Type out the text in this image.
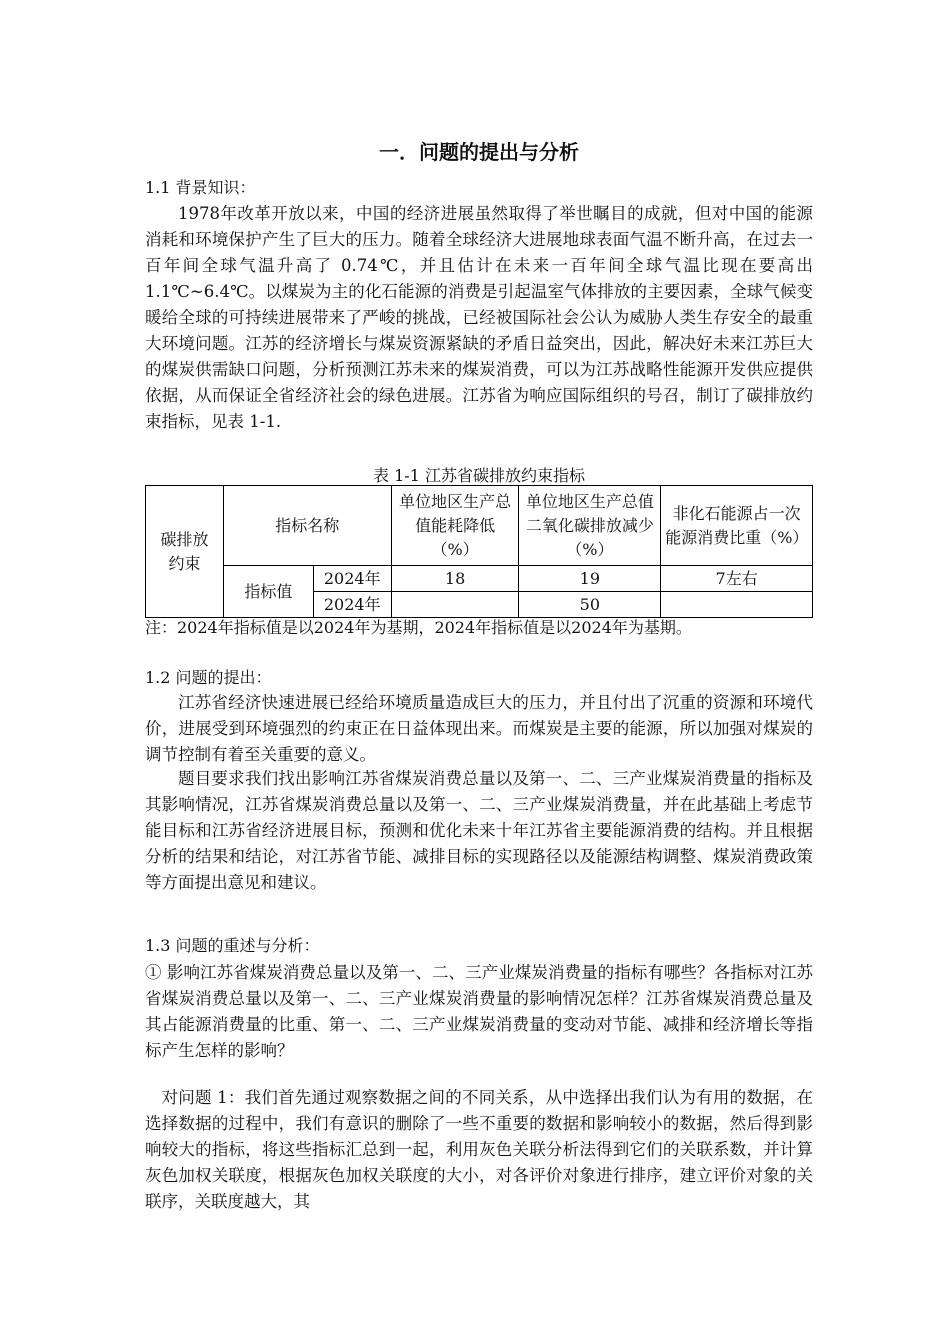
一．问题的提出与分析
1.1 背景知识：
1978年改革开放以来，中国的经济进展虽然取得了举世瞩目的成就，但对中国的能源消耗和环境保护产生了巨大的压力。随着全球经济大进展地球表面气温不断升高，在过去一百年间全球气温升高了 0.74℃，并且估计在未来一百年间全球气温比现在要高出 1.1℃~6.4℃。以煤炭为主的化石能源的消费是引起温室气体排放的主要因素，全球气候变暖给全球的可持续进展带来了严峻的挑战，已经被国际社会公认为威胁人类生存安全的最重大环境问题。江苏的经济增长与煤炭资源紧缺的矛盾日益突出，因此，解决好未来江苏巨大的煤炭供需缺口问题，分析预测江苏未来的煤炭消费，可以为江苏战略性能源开发供应提供依据，从而保证全省经济社会的绿色进展。江苏省为响应国际组织的号召，制订了碳排放约束指标，见表 1-1.
表 1-1 江苏省碳排放约束指标
碳排放约束	指标名称		单位地区生产总值能耗降低（%）	单位地区生产总值二氧化碳排放减少（%）	非化石能源占一次能源消费比重（%）
	指标值	2024年	18	19	7左右
		2024年		50	
注：2024年指标值是以2024年为基期，2024年指标值是以2024年为基期。
1.2 问题的提出：
江苏省经济快速进展已经给环境质量造成巨大的压力，并且付出了沉重的资源和环境代价，进展受到环境强烈的约束正在日益体现出来。而煤炭是主要的能源，所以加强对煤炭的调节控制有着至关重要的意义。
题目要求我们找出影响江苏省煤炭消费总量以及第一、二、三产业煤炭消费量的指标及其影响情况，江苏省煤炭消费总量以及第一、二、三产业煤炭消费量，并在此基础上考虑节能目标和江苏省经济进展目标，预测和优化未来十年江苏省主要能源消费的结构。并且根据分析的结果和结论，对江苏省节能、减排目标的实现路径以及能源结构调整、煤炭消费政策等方面提出意见和建议。
1.3 问题的重述与分析：
① 影响江苏省煤炭消费总量以及第一、二、三产业煤炭消费量的指标有哪些？各指标对江苏省煤炭消费总量以及第一、二、三产业煤炭消费量的影响情况怎样？江苏省煤炭消费总量及其占能源消费量的比重、第一、二、三产业煤炭消费量的变动对节能、减排和经济增长等指标产生怎样的影响？
对问题 1：我们首先通过观察数据之间的不同关系，从中选择出我们认为有用的数据，在选择数据的过程中，我们有意识的删除了一些不重要的数据和影响较小的数据，然后得到影响较大的指标，将这些指标汇总到一起，利用灰色关联分析法得到它们的关联系数，并计算灰色加权关联度，根据灰色加权关联度的大小，对各评价对象进行排序，建立评价对象的关联序，关联度越大，其
